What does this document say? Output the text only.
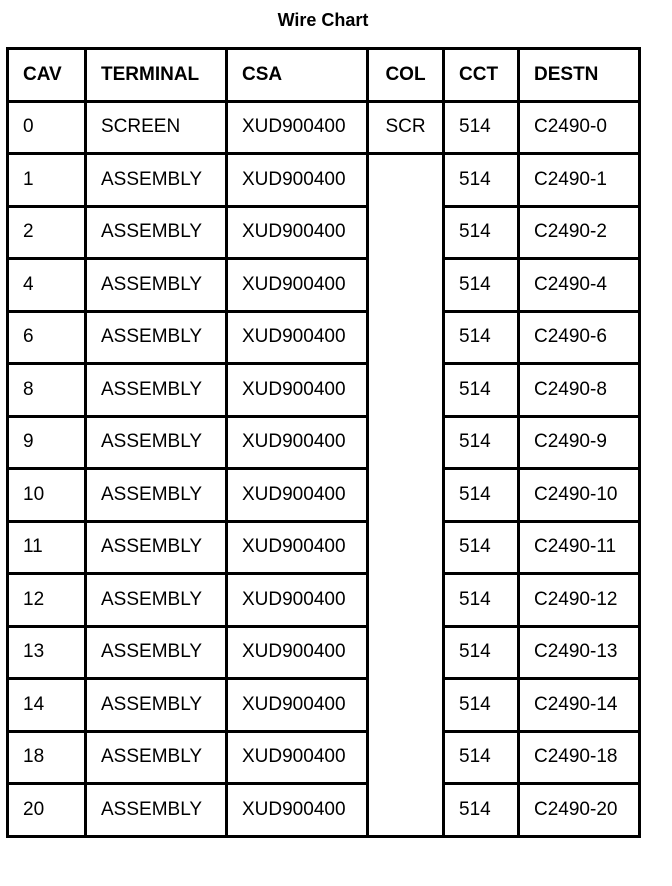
Wire Chart
CAV	TERMINAL	CSA	COL	CCT	DESTN
0	SCREEN	XUD900400	SCR	514	C2490-0
1	ASSEMBLY	XUD900400		514	C2490-1
2	ASSEMBLY	XUD900400		514	C2490-2
4	ASSEMBLY	XUD900400		514	C2490-4
6	ASSEMBLY	XUD900400		514	C2490-6
8	ASSEMBLY	XUD900400		514	C2490-8
9	ASSEMBLY	XUD900400		514	C2490-9
10	ASSEMBLY	XUD900400		514	C2490-10
11	ASSEMBLY	XUD900400		514	C2490-11
12	ASSEMBLY	XUD900400		514	C2490-12
13	ASSEMBLY	XUD900400		514	C2490-13
14	ASSEMBLY	XUD900400		514	C2490-14
18	ASSEMBLY	XUD900400		514	C2490-18
20	ASSEMBLY	XUD900400		514	C2490-20
